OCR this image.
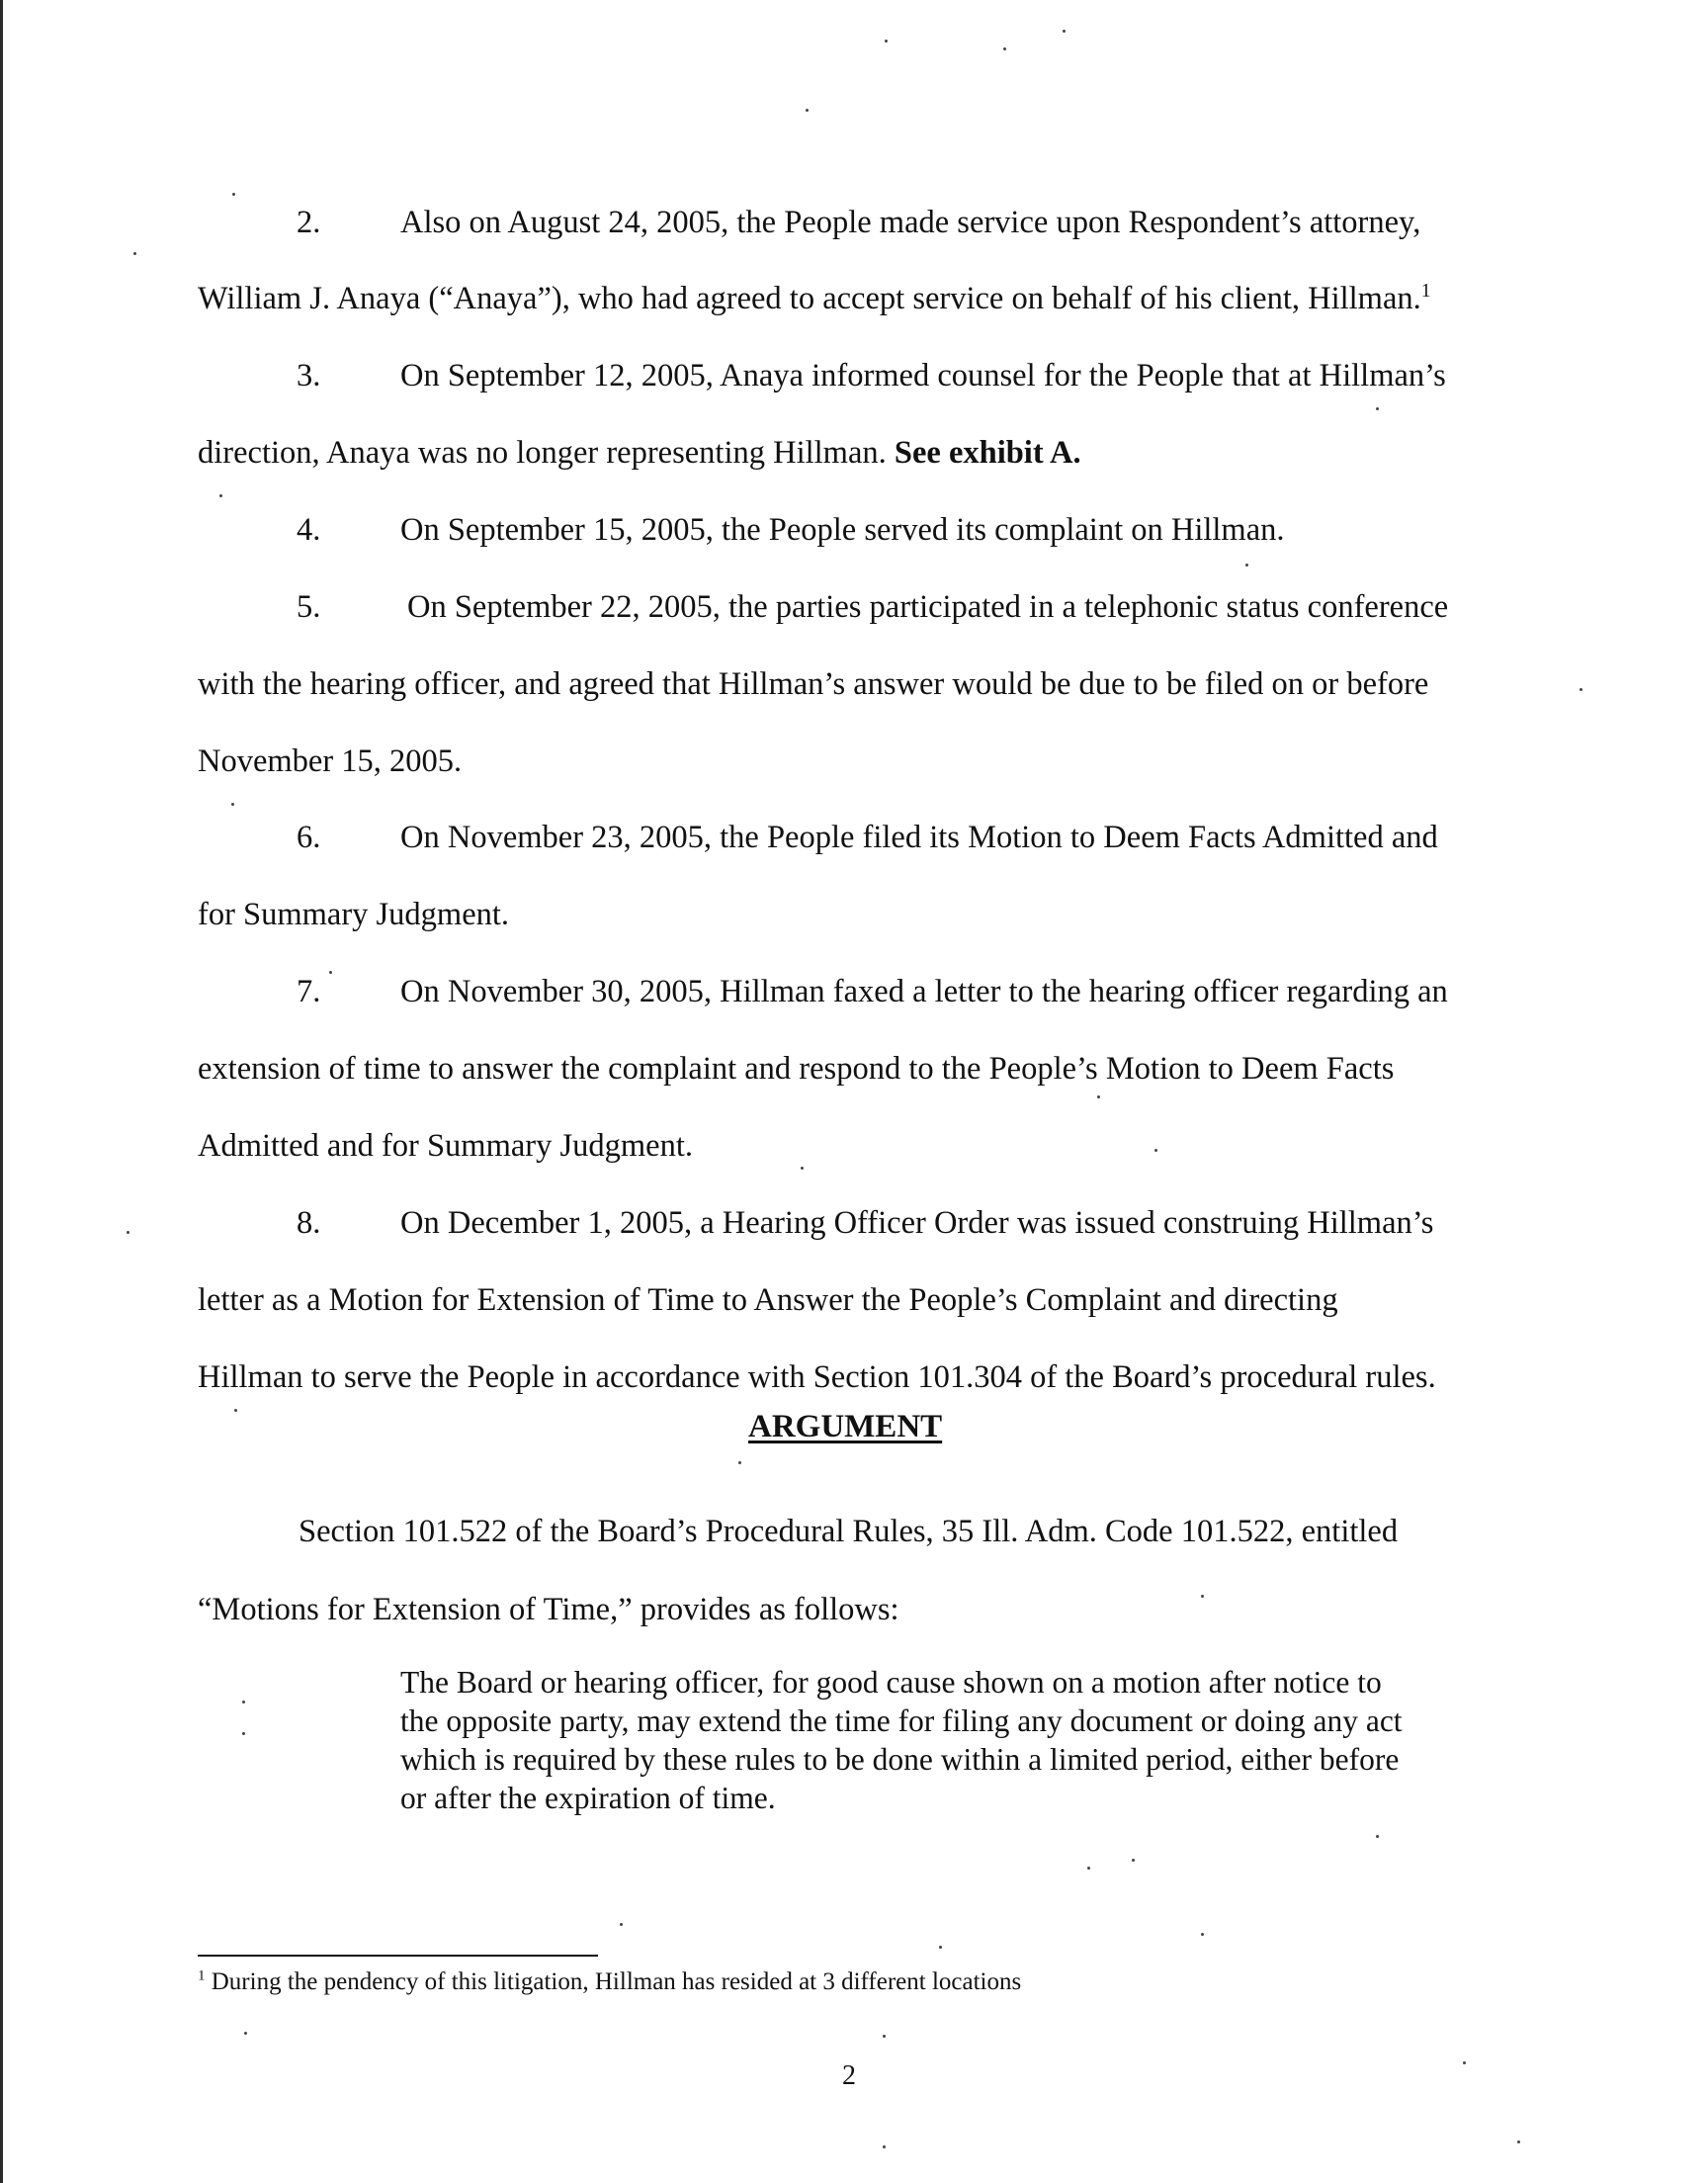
2. Also on August 24, 2005, the People made service upon Respondent’s attorney,
William J. Anaya (“Anaya”), who had agreed to accept service on behalf of his client, Hillman.$^1$
3. On September 12, 2005, Anaya informed counsel for the People that at Hillman’s
direction, Anaya was no longer representing Hillman. See exhibit A.
4. On September 15, 2005, the People served its complaint on Hillman.
5.	On September 22, 2005, the parties participated in a telephonic status conference
with the hearing officer, and agreed that Hillman’s answer would be due to be filed on or before
November 15, 2005.
6. On November 23, 2005, the People filed its Motion to Deem Facts Admitted and
for Summary Judgment.
7. On November 30, 2005, Hillman faxed a letter to the hearing officer regarding an
extension of time to answer the complaint and respond to the People’s Motion to Deem Facts
Admitted and for Summary Judgment.
8. On December 1, 2005, a Hearing Officer Order was issued construing Hillman’s
letter as a Motion for Extension of Time to Answer the People’s Complaint and directing
Hillman to serve the People in accordance with Section 101.304 of the Board’s procedural rules.
ARGUMENT
Section 101.522 of the Board’s Procedural Rules, 35 Ill. Adm. Code 101.522, entitled
“Motions for Extension of Time,” provides as follows:
The Board or hearing officer, for good cause shown on a motion after notice to
the opposite party, may extend the time for filing any document or doing any act
which is required by these rules to be done within a limited period, either before
or after the expiration of time.
$^1$ During the pendency of this litigation, Hillman has resided at 3 different locations
2
